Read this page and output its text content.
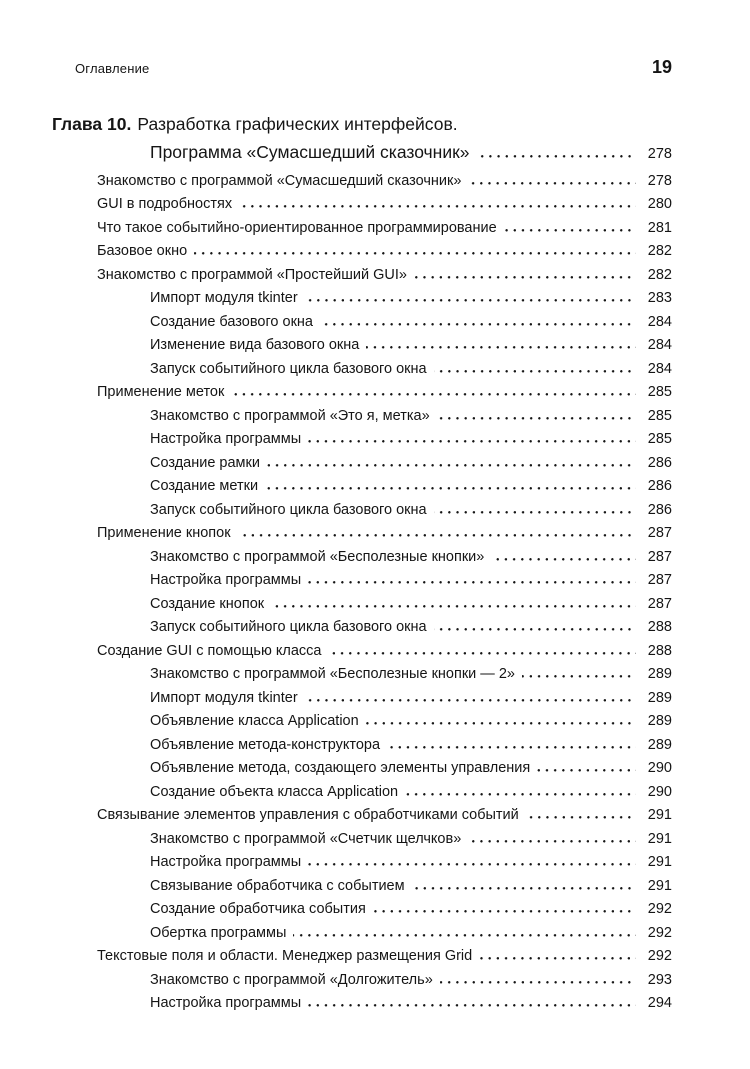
Оглавление	19
Глава 10. Разработка графических интерфейсов.
Программа «Сумасшедший сказочник»	278
Знакомство с программой «Сумасшедший сказочник»	278
GUI в подробностях	280
Что такое событийно-ориентированное программирование	281
Базовое окно	282
Знакомство с программой «Простейший GUI»	282
Импорт модуля tkinter	283
Создание базового окна	284
Изменение вида базового окна	284
Запуск событийного цикла базового окна	284
Применение меток	285
Знакомство с программой «Это я, метка»	285
Настройка программы	285
Создание рамки	286
Создание метки	286
Запуск событийного цикла базового окна	286
Применение кнопок	287
Знакомство с программой «Бесполезные кнопки»	287
Настройка программы	287
Создание кнопок	287
Запуск событийного цикла базового окна	288
Создание GUI с помощью класса	288
Знакомство с программой «Бесполезные кнопки — 2»	289
Импорт модуля tkinter	289
Объявление класса Application	289
Объявление метода-конструктора	289
Объявление метода, создающего элементы управления	290
Создание объекта класса Application	290
Связывание элементов управления с обработчиками событий	291
Знакомство с программой «Счетчик щелчков»	291
Настройка программы	291
Связывание обработчика с событием	291
Создание обработчика события	292
Обертка программы	292
Текстовые поля и области. Менеджер размещения Grid	292
Знакомство с программой «Долгожитель»	293
Настройка программы	294
